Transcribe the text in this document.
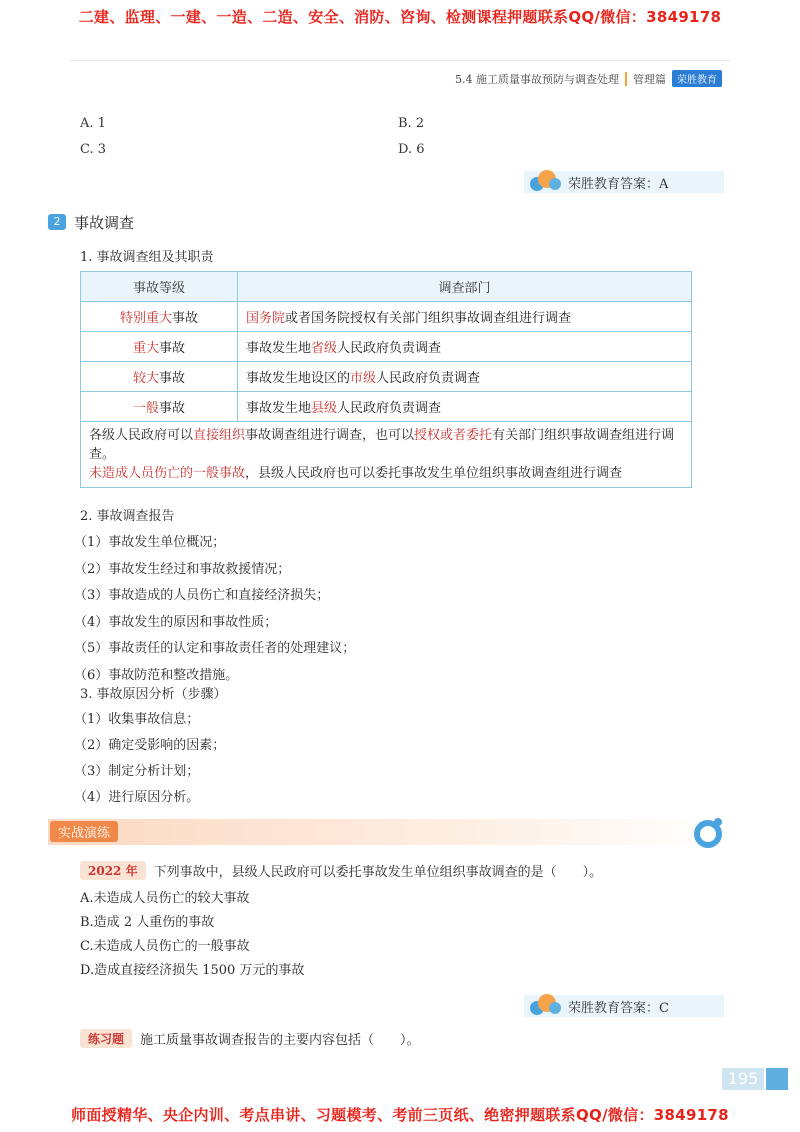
二建、监理、一建、一造、二造、安全、消防、咨询、检测课程押题联系QQ/微信：3849178
5.4 施工质量事故预防与调查处理 管理篇	荣胜教育
A. 1	B. 2
C. 3	D. 6
荣胜教育答案：A
2 事故调查
1. 事故调查组及其职责
事故等级	调查部门
特别重大事故	国务院或者国务院授权有关部门组织事故调查组进行调查
重大事故	事故发生地省级人民政府负责调查
较大事故	事故发生地设区的市级人民政府负责调查
一般事故	事故发生地县级人民政府负责调查
各级人民政府可以直接组织事故调查组进行调查，也可以授权或者委托有关部门组织事故调查组进行调查。
未造成人员伤亡的一般事故，县级人民政府也可以委托事故发生单位组织事故调查组进行调查
2. 事故调查报告
（1）事故发生单位概况；
（2）事故发生经过和事故救援情况；
（3）事故造成的人员伤亡和直接经济损失；
（4）事故发生的原因和事故性质；
（5）事故责任的认定和事故责任者的处理建议；
（6）事故防范和整改措施。
3. 事故原因分析（步骤）
（1）收集事故信息；
（2）确定受影响的因素；
（3）制定分析计划；
（4）进行原因分析。
实战演练
2022 年	下列事故中，县级人民政府可以委托事故发生单位组织事故调查的是（　　）。
A.未造成人员伤亡的较大事故
B.造成 2 人重伤的事故
C.未造成人员伤亡的一般事故
D.造成直接经济损失 1500 万元的事故
荣胜教育答案：C
练习题	施工质量事故调查报告的主要内容包括（　　）。
195
师面授精华、央企内训、考点串讲、习题模考、考前三页纸、绝密押题联系QQ/微信：3849178
